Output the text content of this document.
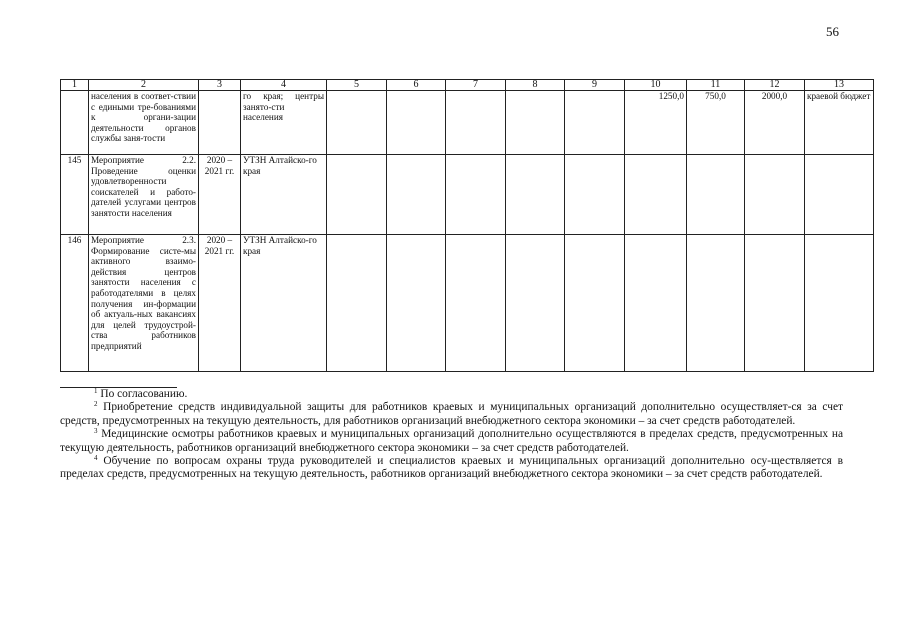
56
1	2	3	4	5	6	7	8	9	10	11	12	13
	населения в соответ-ствии с едиными тре-бованиями к органи-зации деятельности органов службы заня-тости		го края; центры занято-сти населения						1250,0	750,0	2000,0	краевой бюджет
145	Мероприятие 2.2. Проведение оценки удовлетворенности соискателей и работо-дателей услугами центров занятости населения	2020 – 2021 гг.	УТЗН Алтайско-го края									
146	Мероприятие 2.3. Формирование систе-мы активного взаимо-действия центров занятости населения с работодателями в целях получения ин-формации об актуаль-ных вакансиях для целей трудоустрой-ства работников предприятий	2020 – 2021 гг.	УТЗН Алтайско-го края									

$^1$ По согласованию.

$^2$ Приобретение средств индивидуальной защиты для работников краевых и муниципальных организаций дополнительно осуществляет-ся за счет средств, предусмотренных на текущую деятельность, для работников организаций внебюджетного сектора экономики – за счет средств работодателей.

$^3$ Медицинские осмотры работников краевых и муниципальных организаций дополнительно осуществляются в пределах средств, предусмотренных на текущую деятельность, работников организаций внебюджетного сектора экономики – за счет средств работодателей.

$^4$ Обучение по вопросам охраны труда руководителей и специалистов краевых и муниципальных организаций дополнительно осу-ществляется в пределах средств, предусмотренных на текущую деятельность, работников организаций внебюджетного сектора экономики – за счет средств работодателей.
